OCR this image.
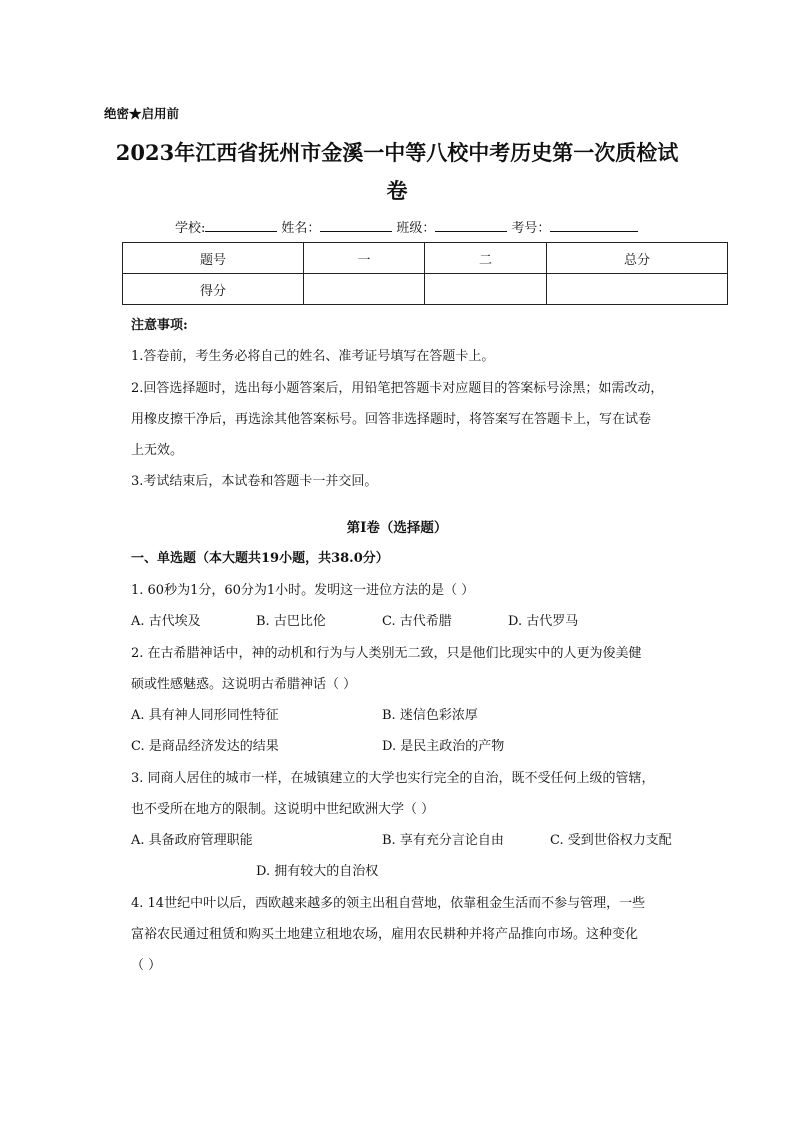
绝密★启用前
2023年江西省抚州市金溪一中等八校中考历史第一次质检试
卷
学校:	姓名：	班级：	考号：
题号	一	二	总分
得分			
注意事项:
1.答卷前，考生务必将自己的姓名、准考证号填写在答题卡上。
2.回答选择题时，选出每小题答案后，用铅笔把答题卡对应题目的答案标号涂黑；如需改动，
用橡皮擦干净后，再选涂其他答案标号。回答非选择题时，将答案写在答题卡上，写在试卷
上无效。
3.考试结束后，本试卷和答题卡一并交回。
第I卷（选择题）
一、单选题（本大题共19小题，共38.0分）
1. 60秒为1分，60分为1小时。发明这一进位方法的是（ ）
A. 古代埃及	B. 古巴比伦	C. 古代希腊	D. 古代罗马
2. 在古希腊神话中，神的动机和行为与人类别无二致，只是他们比现实中的人更为俊美健
硕或性感魅惑。这说明古希腊神话（ ）
A. 具有神人同形同性特征	B. 迷信色彩浓厚
C. 是商品经济发达的结果	D. 是民主政治的产物
3. 同商人居住的城市一样，在城镇建立的大学也实行完全的自治，既不受任何上级的管辖，
也不受所在地方的限制。这说明中世纪欧洲大学（ ）
A. 具备政府管理职能	B. 享有充分言论自由	C. 受到世俗权力支配
D. 拥有较大的自治权
4. 14世纪中叶以后，西欧越来越多的领主出租自营地，依靠租金生活而不参与管理，一些
富裕农民通过租赁和购买土地建立租地农场，雇用农民耕种并将产品推向市场。这种变化
（ ）
